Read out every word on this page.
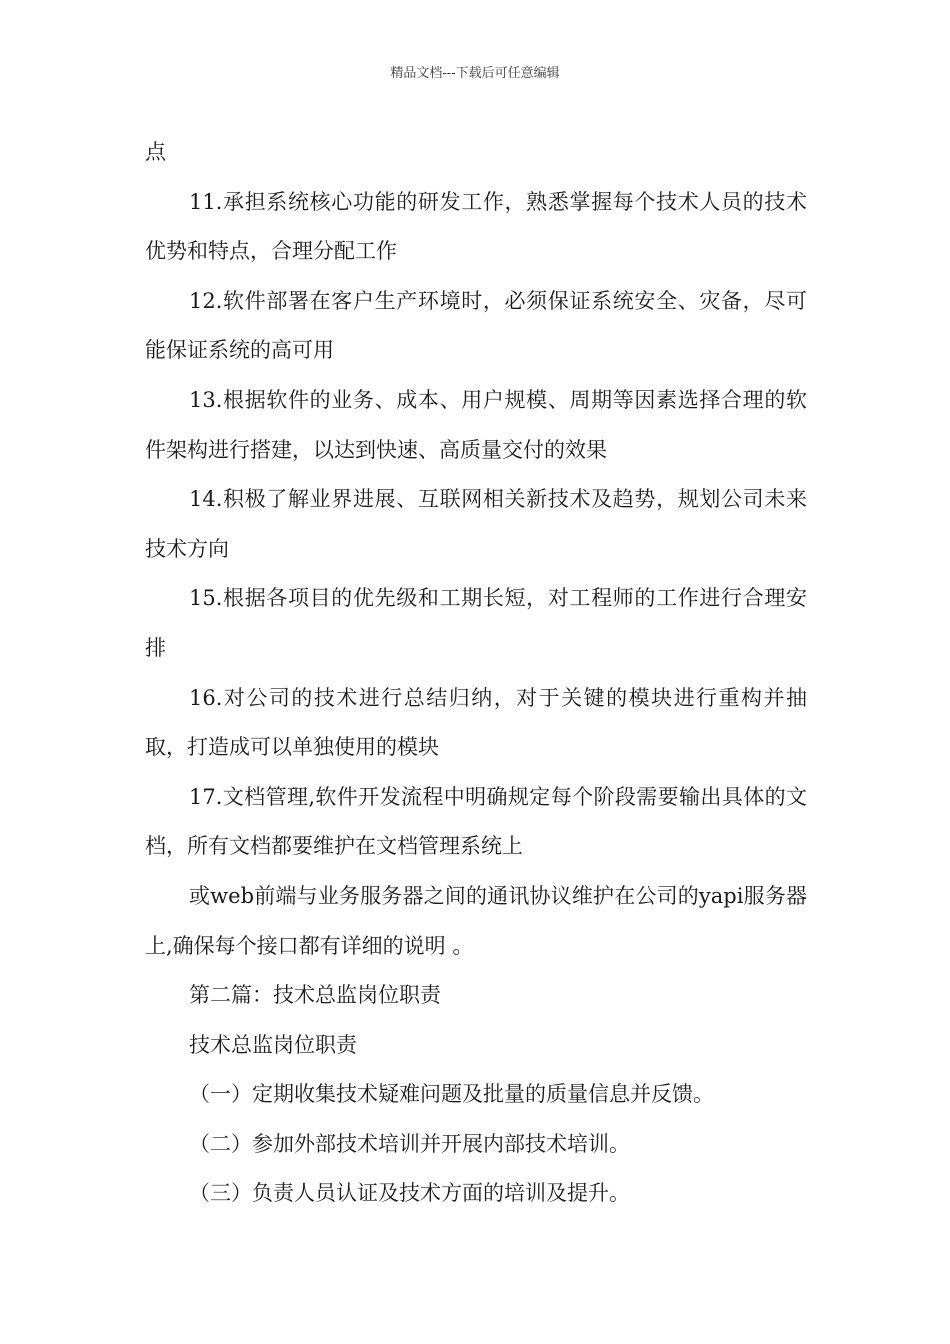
精品文档---下载后可任意编辑

点

11.承担系统核心功能的研发工作，熟悉掌握每个技术人员的技术优势和特点，合理分配工作

12.软件部署在客户生产环境时，必须保证系统安全、灾备，尽可能保证系统的高可用

13.根据软件的业务、成本、用户规模、周期等因素选择合理的软件架构进行搭建，以达到快速、高质量交付的效果

14.积极了解业界进展、互联网相关新技术及趋势，规划公司未来技术方向

15.根据各项目的优先级和工期长短，对工程师的工作进行合理安排

16.对公司的技术进行总结归纳，对于关键的模块进行重构并抽取，打造成可以单独使用的模块

17.文档管理,软件开发流程中明确规定每个阶段需要输出具体的文档，所有文档都要维护在文档管理系统上

或web前端与业务服务器之间的通讯协议维护在公司的yapi服务器上,确保每个接口都有详细的说明 。

第二篇：技术总监岗位职责

技术总监岗位职责

（一）定期收集技术疑难问题及批量的质量信息并反馈。

（二）参加外部技术培训并开展内部技术培训。

（三）负责人员认证及技术方面的培训及提升。
